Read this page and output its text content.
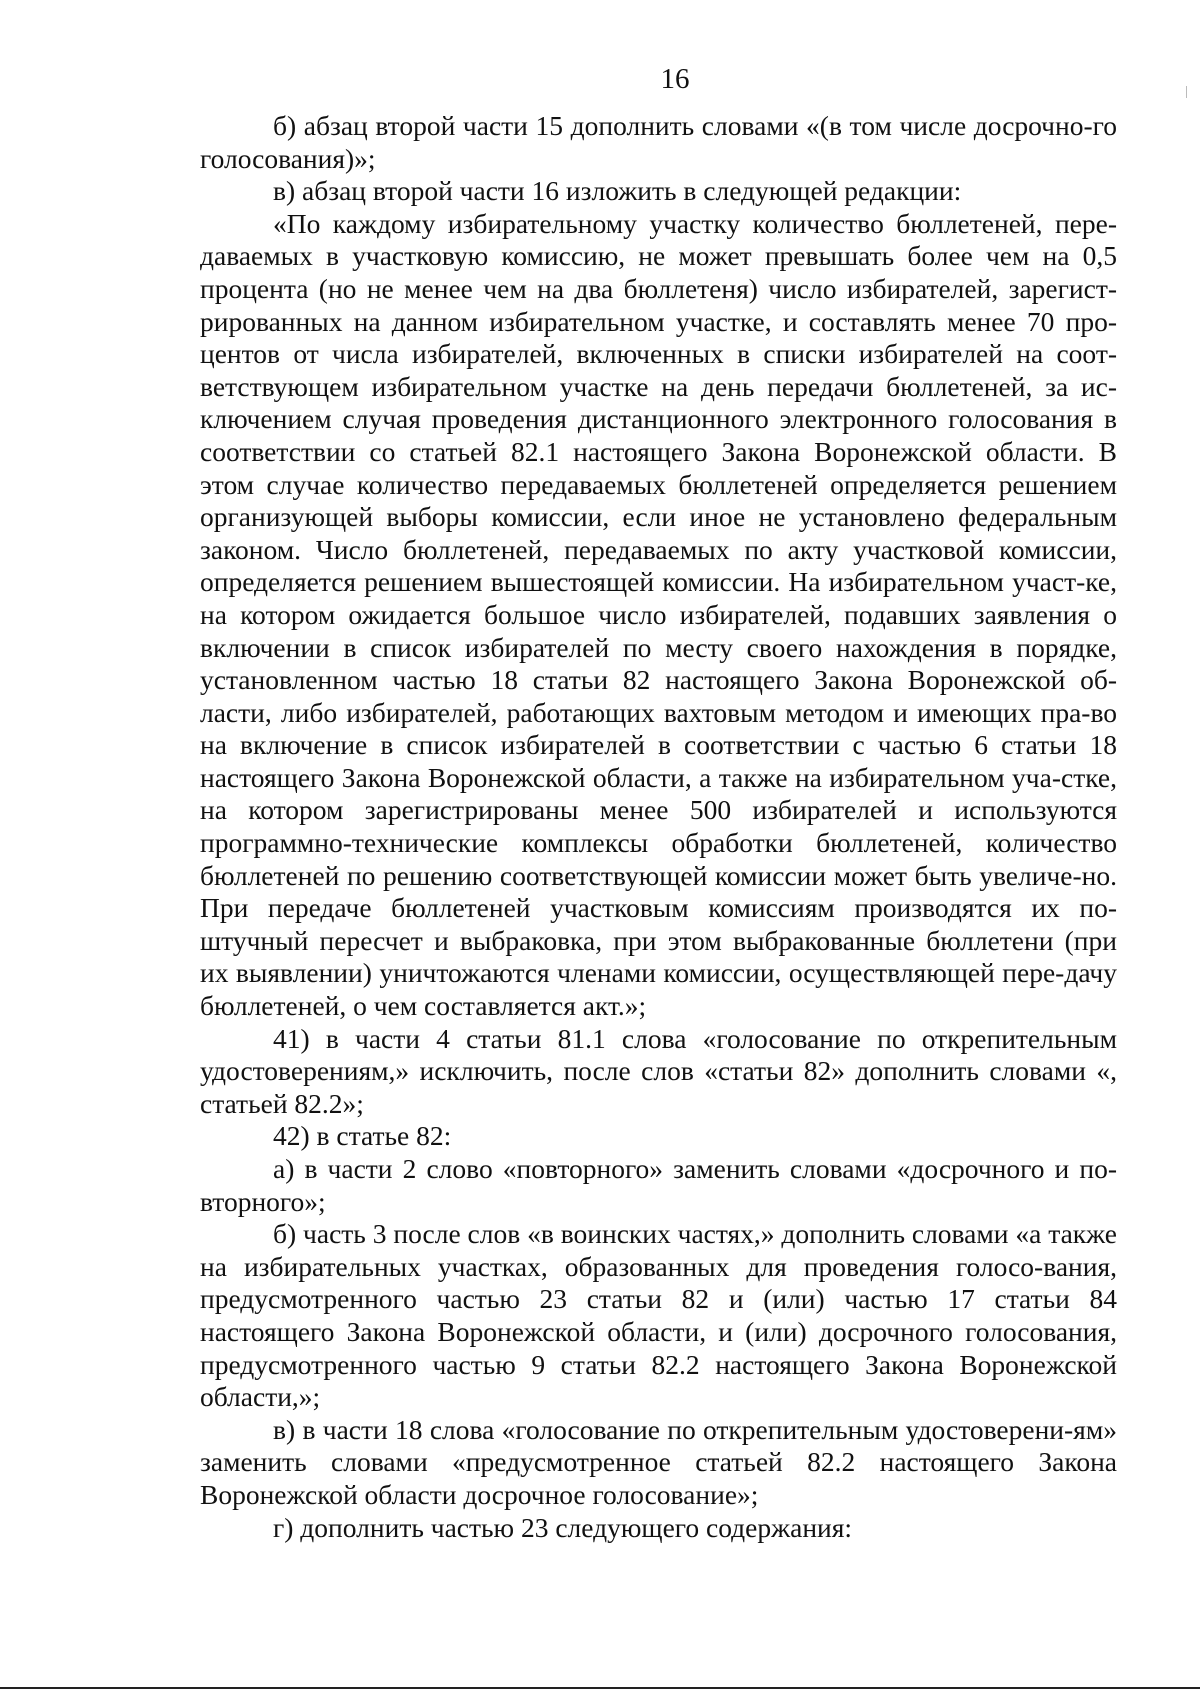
16

б) абзац второй части 15 дополнить словами «(в том числе досрочно-го голосования)»;

в) абзац второй части 16 изложить в следующей редакции:

«По каждому избирательному участку количество бюллетеней, пере-даваемых в участковую комиссию, не может превышать более чем на 0,5 процента (но не менее чем на два бюллетеня) число избирателей, зарегист-рированных на данном избирательном участке, и составлять менее 70 про-центов от числа избирателей, включенных в списки избирателей на соот-ветствующем избирательном участке на день передачи бюллетеней, за ис-ключением случая проведения дистанционного электронного голосования в соответствии со статьей 82.1 настоящего Закона Воронежской области. В этом случае количество передаваемых бюллетеней определяется решением организующей выборы комиссии, если иное не установлено федеральным законом. Число бюллетеней, передаваемых по акту участковой комиссии, определяется решением вышестоящей комиссии. На избирательном участ-ке, на котором ожидается большое число избирателей, подавших заявления о включении в список избирателей по месту своего нахождения в порядке, установленном частью 18 статьи 82 настоящего Закона Воронежской об-ласти, либо избирателей, работающих вахтовым методом и имеющих пра-во на включение в список избирателей в соответствии с частью 6 статьи 18 настоящего Закона Воронежской области, а также на избирательном уча-стке, на котором зарегистрированы менее 500 избирателей и используются программно-технические комплексы обработки бюллетеней, количество бюллетеней по решению соответствующей комиссии может быть увеличе-но. При передаче бюллетеней участковым комиссиям производятся их по-штучный пересчет и выбраковка, при этом выбракованные бюллетени (при их выявлении) уничтожаются членами комиссии, осуществляющей пере-дачу бюллетеней, о чем составляется акт.»;

41) в части 4 статьи 81.1 слова «голосование по открепительным удостоверениям,» исключить, после слов «статьи 82» дополнить словами «, статьей 82.2»;

42) в статье 82:

а) в части 2 слово «повторного» заменить словами «досрочного и по-вторного»;

б) часть 3 после слов «в воинских частях,» дополнить словами «а также на избирательных участках, образованных для проведения голосо-вания, предусмотренного частью 23 статьи 82 и (или) частью 17 статьи 84 настоящего Закона Воронежской области, и (или) досрочного голосования, предусмотренного частью 9 статьи 82.2 настоящего Закона Воронежской области,»;

в) в части 18 слова «голосование по открепительным удостоверени-ям» заменить словами «предусмотренное статьей 82.2 настоящего Закона Воронежской области досрочное голосование»;

г) дополнить частью 23 следующего содержания:
